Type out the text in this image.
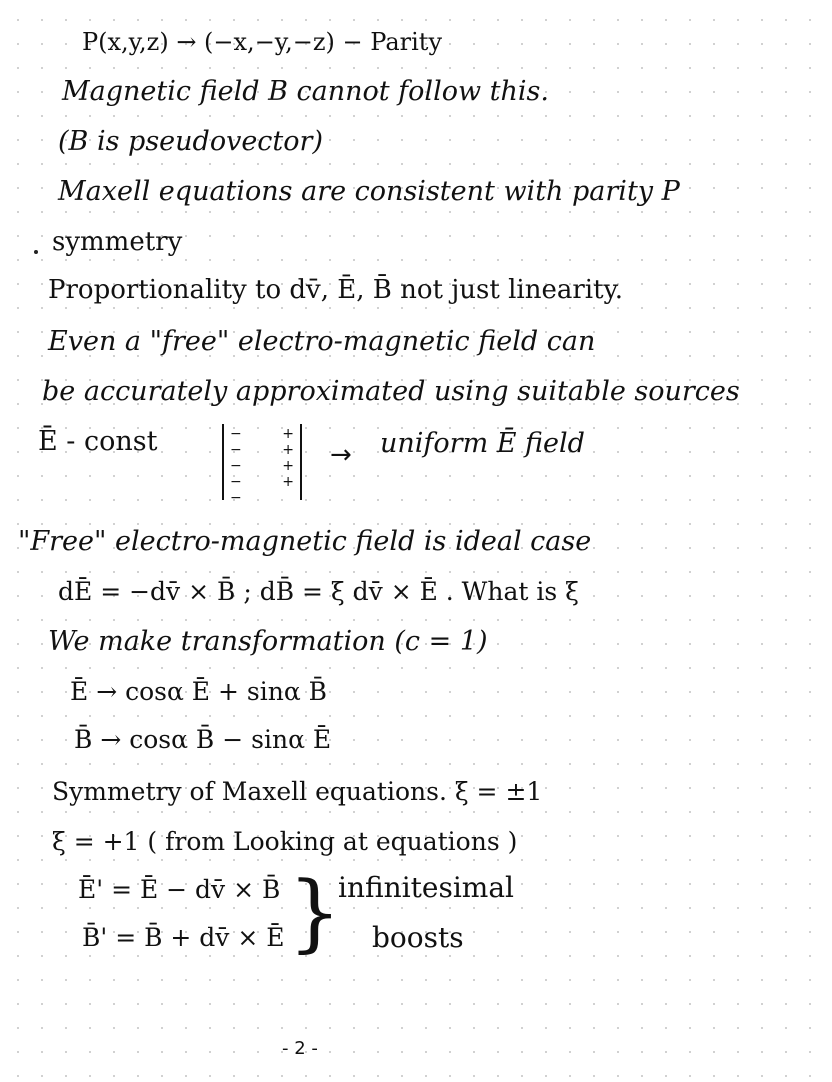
P(x,y,z) → (−x,−y,−z) − Parity
Magnetic field B cannot follow this.
(B is pseudovector)
Maxell equations are consistent with parity P
symmetry
Proportionality to dv̄, Ē, B̄ not just linearity.
Even a "free" electro-magnetic field can
be accurately approximated using suitable sources
Ē - const	−
−
−
−
−
+
+
+
+
→ uniform Ē field
"Free" electro-magnetic field is ideal case
dĒ = −dv̄ × B̄ ; dB̄ = ξ dv̄ × Ē . What is ξ
We make transformation (c = 1)
Ē → cosα Ē + sinα B̄
B̄ → cosα B̄ − sinα Ē
Symmetry of Maxell equations. ξ = ±1
ξ = +1 ( from Looking at equations )
Ē' = Ē − dv̄ × B̄
B̄' = B̄ + dv̄ × Ē }
infinitesimal
boosts
- 2 -
